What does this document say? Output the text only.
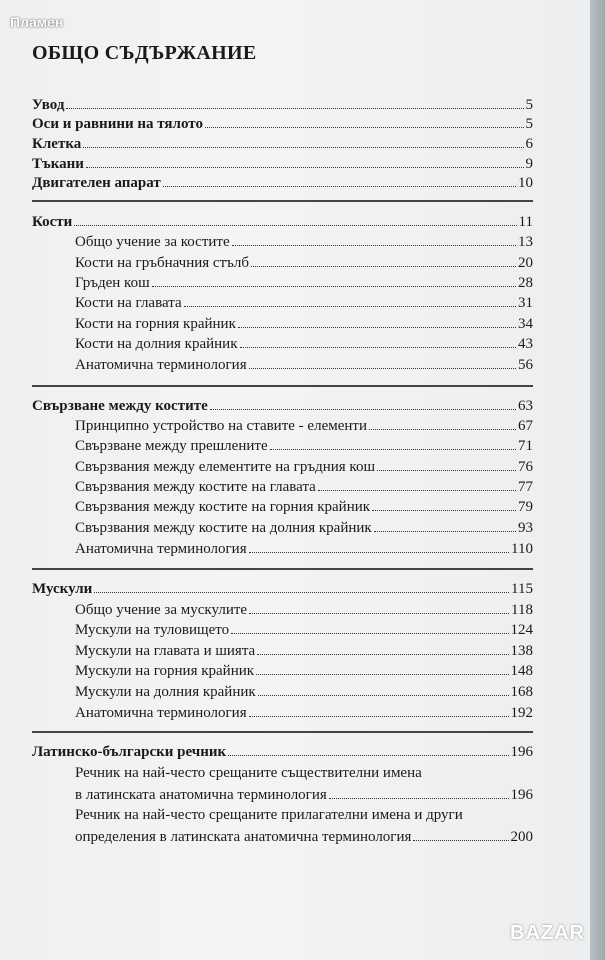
Пламен
ОБЩО СЪДЪРЖАНИЕ
Увод	5
Оси и равнини на тялото	5
Клетка	6
Тъкани	9
Двигателен апарат	10
Кости	11
Общо учение за костите	13
Кости на гръбначния стълб	20
Гръден кош	28
Кости на главата	31
Кости на горния крайник	34
Кости на долния крайник	43
Анатомична терминология	56
Свързване между костите	63
Принципно устройство на ставите - елементи	67
Свързване между прешлените	71
Свързвания между елементите на гръдния кош	76
Свързвания между костите на главата	77
Свързвания между костите на горния крайник	79
Свързвания между костите на долния крайник	93
Анатомична терминология	110
Мускули	115
Общо учение за мускулите	118
Мускули на туловището	124
Мускули на главата и шията	138
Мускули на горния крайник	148
Мускули на долния крайник	168
Анатомична терминология	192
Латинско-български речник	196
Речник на най-често срещаните съществителни имена
в латинската анатомична терминология	196
Речник на най-често срещаните прилагателни имена и други
определения в латинската анатомична терминология	200
BAZAR
